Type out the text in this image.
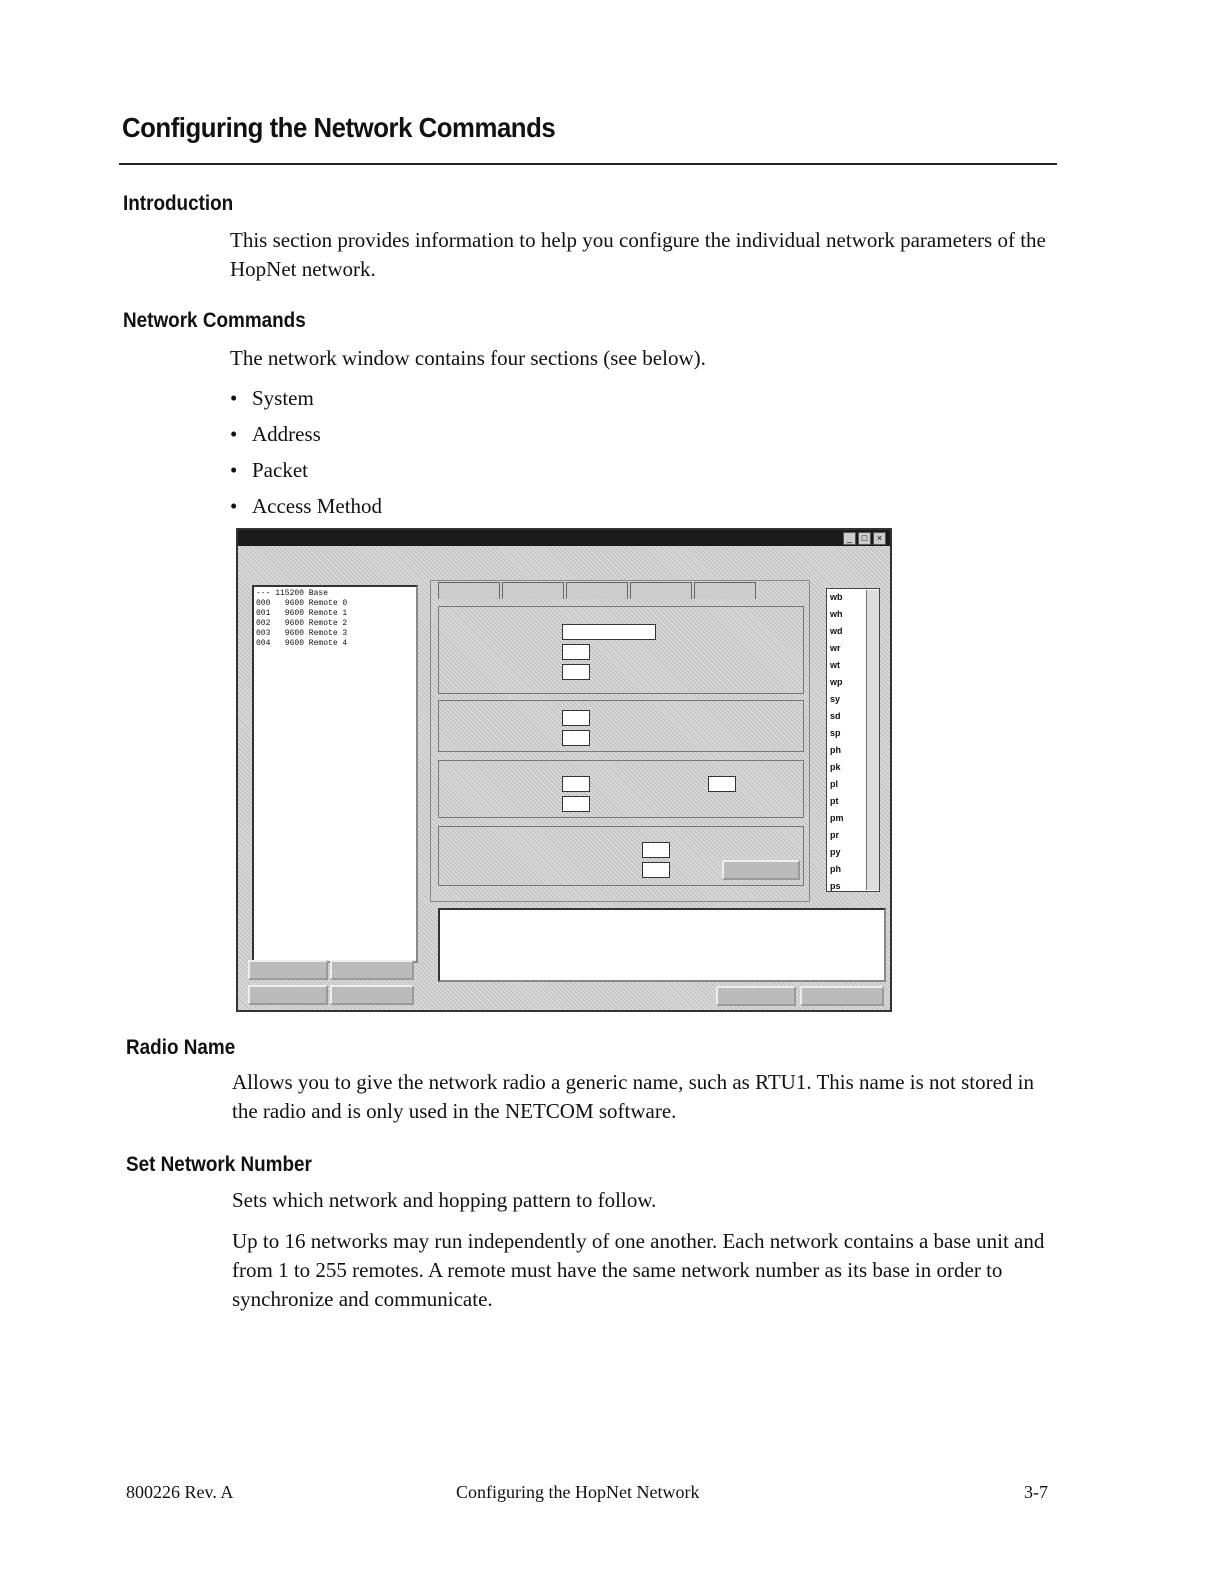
Configuring the Network Commands
Introduction
This section provides information to help you configure the individual network parameters of the HopNet network.
Network Commands
The network window contains four sections (see below).
• System
• Address
• Packet
• Access Method
_	□	×
--- 115200 Base
000   9600 Remote 0
001   9600 Remote 1
002   9600 Remote 2
003   9600 Remote 3
004   9600 Remote 4
wb
wh
wd
wr
wt
wp
sy
sd
sp
ph
pk
pl
pt
pm
pr
py
ph
ps
Radio Name
Allows you to give the network radio a generic name, such as RTU1. This name is not stored in the radio and is only used in the NETCOM software.
Set Network Number
Sets which network and hopping pattern to follow.
Up to 16 networks may run independently of one another. Each network contains a base unit and from 1 to 255 remotes. A remote must have the same network number as its base in order to synchronize and communicate.
800226 Rev. A	Configuring the HopNet Network	3-7
